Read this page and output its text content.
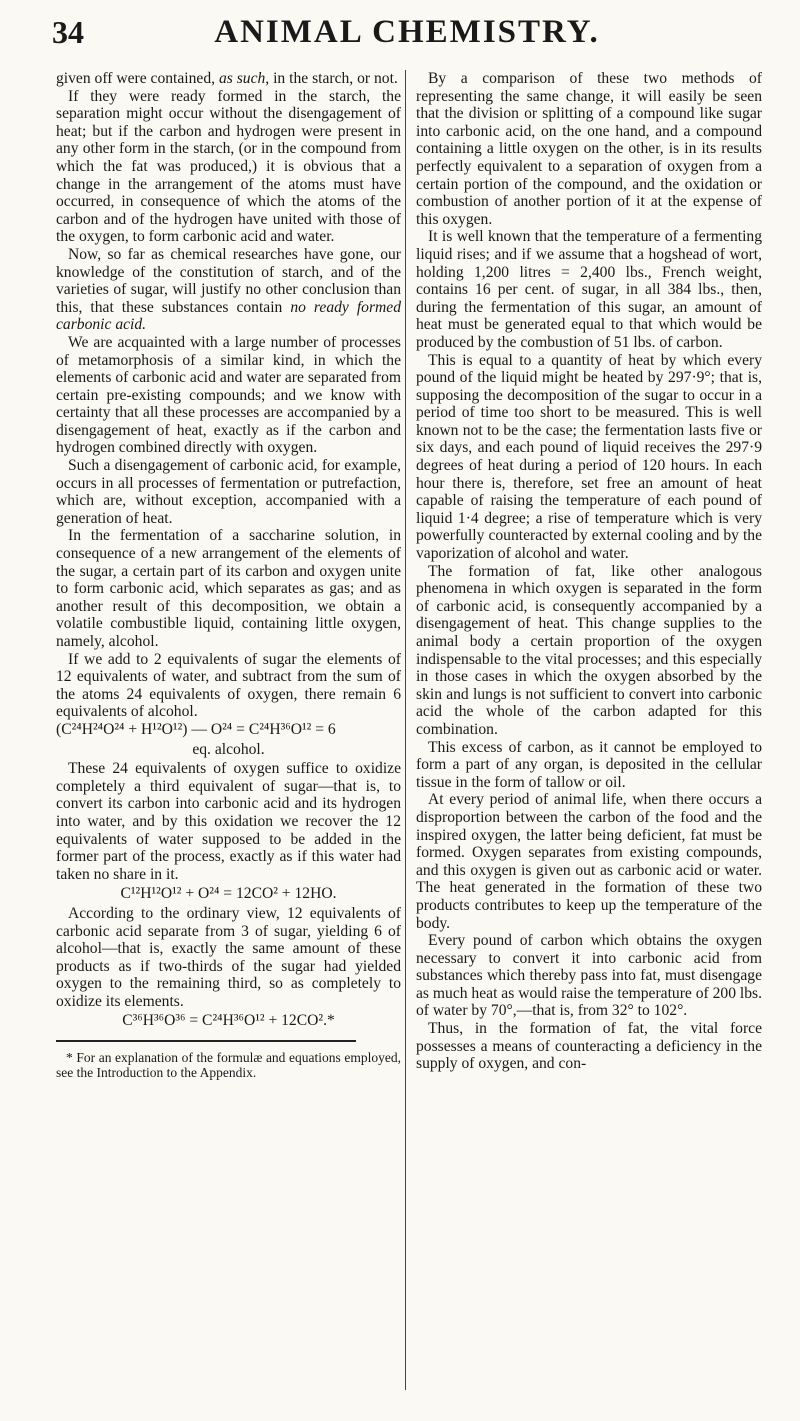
34	ANIMAL CHEMISTRY.

given off were contained, as such, in the starch, or not.

If they were ready formed in the starch, the separation might occur without the disengagement of heat; but if the carbon and hydrogen were present in any other form in the starch, (or in the compound from which the fat was produced,) it is obvious that a change in the arrangement of the atoms must have occurred, in consequence of which the atoms of the carbon and of the hydrogen have united with those of the oxygen, to form carbonic acid and water.

Now, so far as chemical researches have gone, our knowledge of the constitution of starch, and of the varieties of sugar, will justify no other conclusion than this, that these substances contain no ready formed carbonic acid.

We are acquainted with a large number of processes of metamorphosis of a similar kind, in which the elements of carbonic acid and water are separated from certain pre-existing compounds; and we know with certainty that all these processes are accompanied by a disengagement of heat, exactly as if the carbon and hydrogen combined directly with oxygen.

Such a disengagement of carbonic acid, for example, occurs in all processes of fermentation or putrefaction, which are, without exception, accompanied with a generation of heat.

In the fermentation of a saccharine solution, in consequence of a new arrangement of the elements of the sugar, a certain part of its carbon and oxygen unite to form carbonic acid, which separates as gas; and as another result of this decomposition, we obtain a volatile combustible liquid, containing little oxygen, namely, alcohol.

If we add to 2 equivalents of sugar the elements of 12 equivalents of water, and subtract from the sum of the atoms 24 equivalents of oxygen, there remain 6 equivalents of alcohol.

(C²⁴H²⁴O²⁴ + H¹²O¹²) — O²⁴ = C²⁴H³⁶O¹² = 6

eq. alcohol.

These 24 equivalents of oxygen suffice to oxidize completely a third equivalent of sugar—that is, to convert its carbon into carbonic acid and its hydrogen into water, and by this oxidation we recover the 12 equivalents of water supposed to be added in the former part of the process, exactly as if this water had taken no share in it.

C¹²H¹²O¹² + O²⁴ = 12CO² + 12HO.

According to the ordinary view, 12 equivalents of carbonic acid separate from 3 of sugar, yielding 6 of alcohol—that is, exactly the same amount of these products as if two-thirds of the sugar had yielded oxygen to the remaining third, so as completely to oxidize its elements.

C³⁶H³⁶O³⁶ = C²⁴H³⁶O¹² + 12CO².*

* For an explanation of the formulæ and equations employed, see the Introduction to the Appendix.

By a comparison of these two methods of representing the same change, it will easily be seen that the division or splitting of a compound like sugar into carbonic acid, on the one hand, and a compound containing a little oxygen on the other, is in its results perfectly equivalent to a separation of oxygen from a certain portion of the compound, and the oxidation or combustion of another portion of it at the expense of this oxygen.

It is well known that the temperature of a fermenting liquid rises; and if we assume that a hogshead of wort, holding 1,200 litres = 2,400 lbs., French weight, contains 16 per cent. of sugar, in all 384 lbs., then, during the fermentation of this sugar, an amount of heat must be generated equal to that which would be produced by the combustion of 51 lbs. of carbon.

This is equal to a quantity of heat by which every pound of the liquid might be heated by 297·9°; that is, supposing the decomposition of the sugar to occur in a period of time too short to be measured. This is well known not to be the case; the fermentation lasts five or six days, and each pound of liquid receives the 297·9 degrees of heat during a period of 120 hours. In each hour there is, therefore, set free an amount of heat capable of raising the temperature of each pound of liquid 1·4 degree; a rise of temperature which is very powerfully counteracted by external cooling and by the vaporization of alcohol and water.

The formation of fat, like other analogous phenomena in which oxygen is separated in the form of carbonic acid, is consequently accompanied by a disengagement of heat. This change supplies to the animal body a certain proportion of the oxygen indispensable to the vital processes; and this especially in those cases in which the oxygen absorbed by the skin and lungs is not sufficient to convert into carbonic acid the whole of the carbon adapted for this combination.

This excess of carbon, as it cannot be employed to form a part of any organ, is deposited in the cellular tissue in the form of tallow or oil.

At every period of animal life, when there occurs a disproportion between the carbon of the food and the inspired oxygen, the latter being deficient, fat must be formed. Oxygen separates from existing compounds, and this oxygen is given out as carbonic acid or water. The heat generated in the formation of these two products contributes to keep up the temperature of the body.

Every pound of carbon which obtains the oxygen necessary to convert it into carbonic acid from substances which thereby pass into fat, must disengage as much heat as would raise the temperature of 200 lbs. of water by 70°,—that is, from 32° to 102°.

Thus, in the formation of fat, the vital force possesses a means of counteracting a deficiency in the supply of oxygen, and con-
